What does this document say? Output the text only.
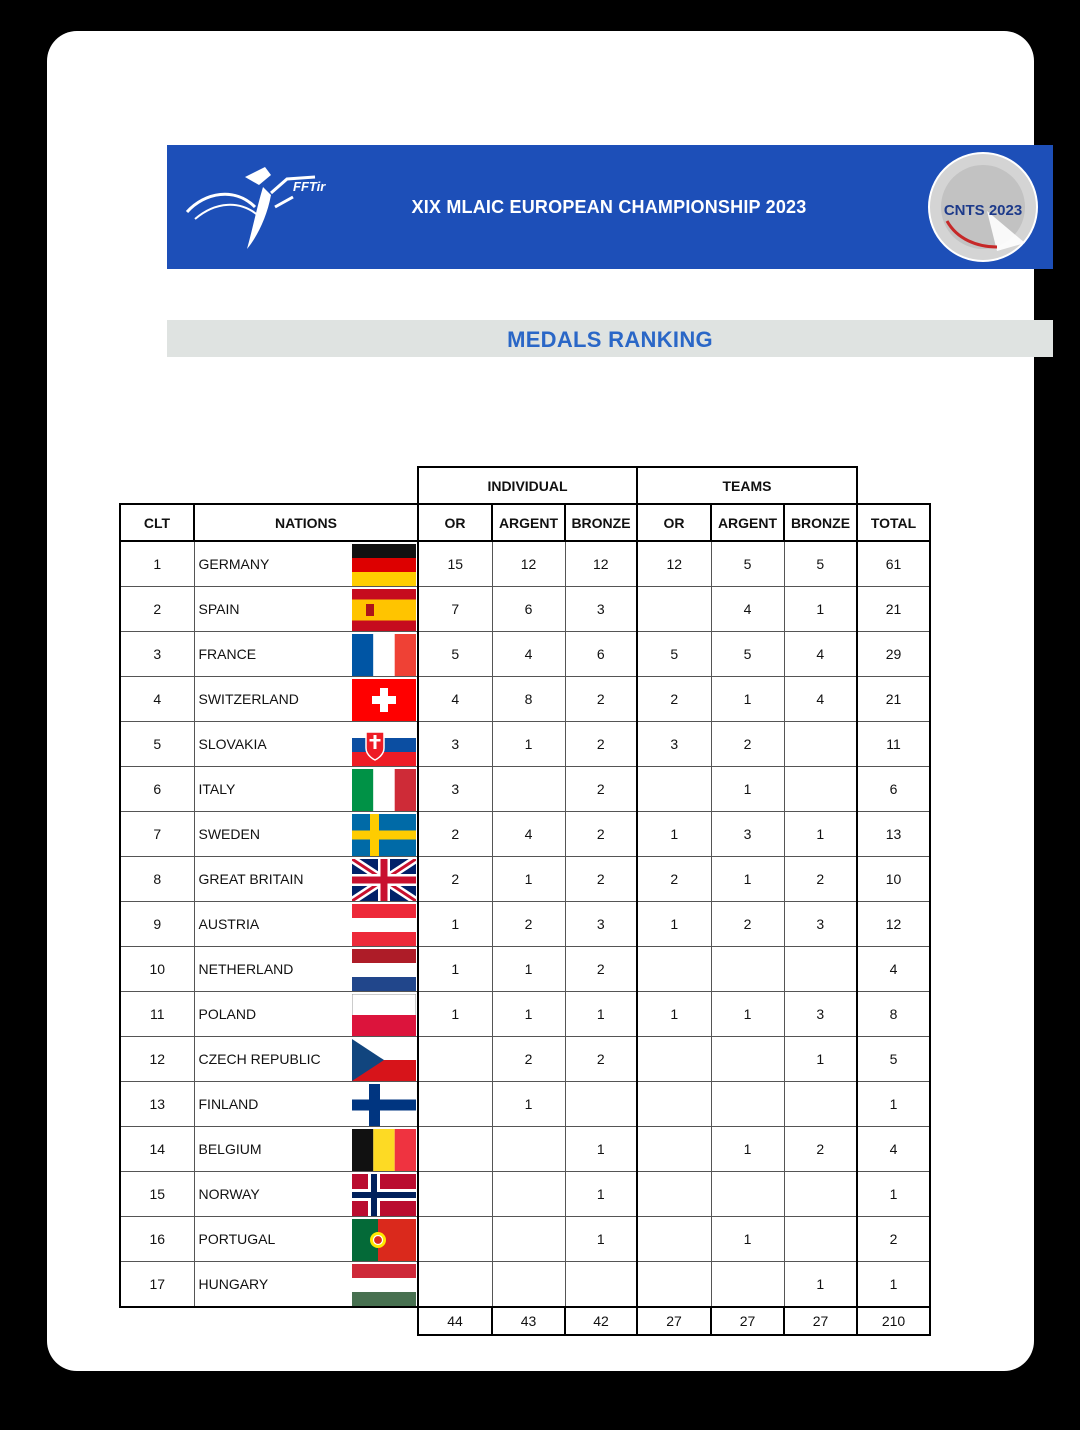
FFTir
XIX MLAIC EUROPEAN CHAMPIONSHIP 2023	CNTS 2023
MEDALS RANKING
			INDIVIDUAL			TEAMS			
CLT	NATIONS		OR	ARGENT	BRONZE	OR	ARGENT	BRONZE	TOTAL
1	GERMANY		15	12	12	12	5	5	61
2	SPAIN		7	6	3		4	1	21
3	FRANCE		5	4	6	5	5	4	29
4	SWITZERLAND		4	8	2	2	1	4	21
5	SLOVAKIA		3	1	2	3	2		11
6	ITALY		3		2		1		6
7	SWEDEN		2	4	2	1	3	1	13
8	GREAT BRITAIN		2	1	2	2	1	2	10
9	AUSTRIA		1	2	3	1	2	3	12
10	NETHERLAND		1	1	2				4
11	POLAND		1	1	1	1	1	3	8
12	CZECH REPUBLIC			2	2			1	5
13	FINLAND			1					1
14	BELGIUM				1		1	2	4
15	NORWAY				1				1
16	PORTUGAL				1		1		2
17	HUNGARY							1	1
			44	43	42	27	27	27	210
